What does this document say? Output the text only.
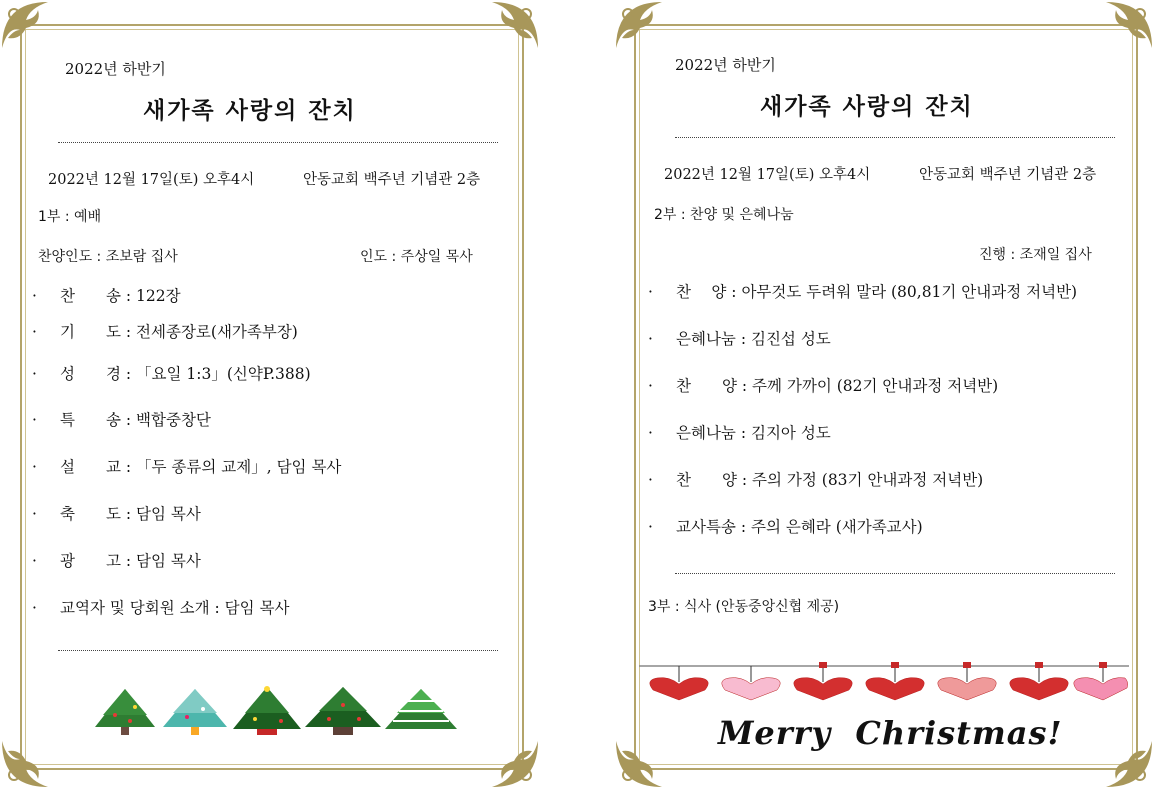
2022년 하반기
새가족 사랑의 잔치
2022년 12월 17일(토) 오후4시	안동교회 백주년 기념관 2층
1부 : 예배
찬양인도 : 조보람 집사	인도 : 주상일 목사
· 찬　　송 : 122장
· 기　　도 : 전세종장로(새가족부장)
· 성　　경 : 「요일 1:3」(신약P.388)
· 특　　송 : 백합중창단
· 설　　교 : 「두 종류의 교제」, 담임 목사
· 축　　도 : 담임 목사
· 광　　고 : 담임 목사
· 교역자 및 당회원 소개 : 담임 목사
2022년 하반기
새가족 사랑의 잔치
2022년 12월 17일(토) 오후4시	안동교회 백주년 기념관 2층
2부 : 찬양 및 은혜나눔
진행 : 조재일 집사
· 찬　 양 : 아무것도 두려워 말라 (80,81기 안내과정 저녁반)
· 은혜나눔 : 김진섭 성도
· 찬　　양 : 주께 가까이 (82기 안내과정 저녁반)
· 은혜나눔 : 김지아 성도
· 찬　　양 : 주의 가정 (83기 안내과정 저녁반)
· 교사특송 : 주의 은혜라 (새가족교사)
3부 : 식사 (안동중앙신협 제공)
Merry  Christmas!
